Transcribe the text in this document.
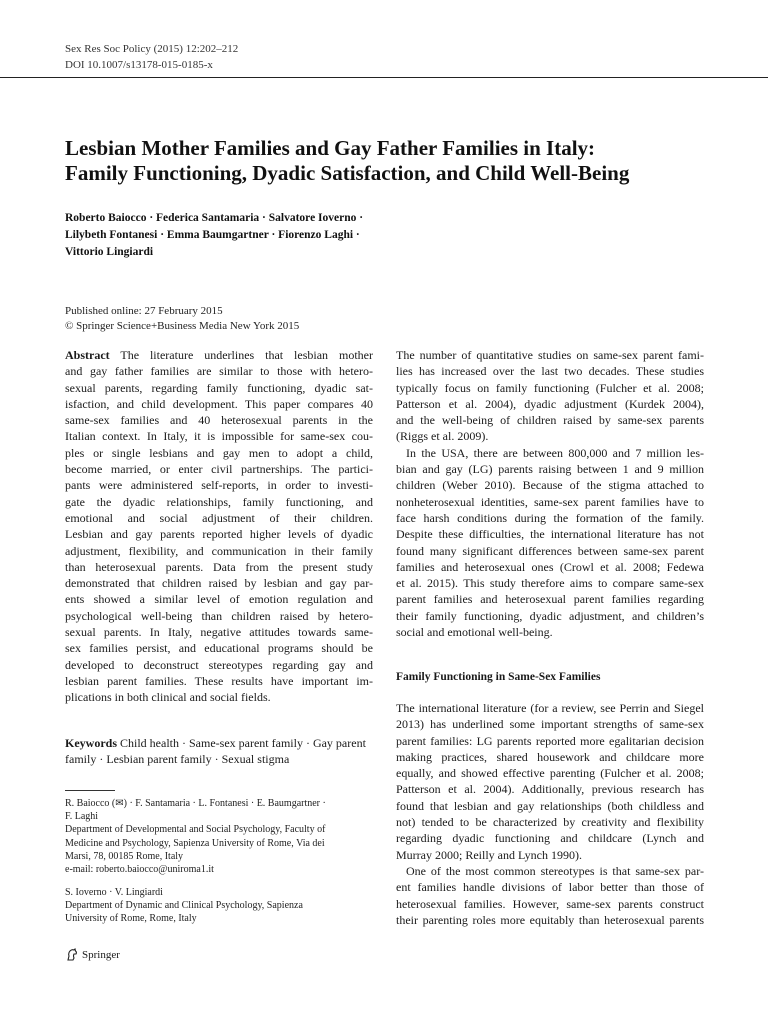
Sex Res Soc Policy (2015) 12:202–212
DOI 10.1007/s13178-015-0185-x
Lesbian Mother Families and Gay Father Families in Italy:
Family Functioning, Dyadic Satisfaction, and Child Well-Being
Roberto Baiocco · Federica Santamaria · Salvatore Ioverno ·
Lilybeth Fontanesi · Emma Baumgartner · Fiorenzo Laghi ·
Vittorio Lingiardi
Published online: 27 February 2015
© Springer Science+Business Media New York 2015
Abstract The literature underlines that lesbian mother
and gay father families are similar to those with hetero-
sexual parents, regarding family functioning, dyadic sat-
isfaction, and child development. This paper compares 40
same-sex families and 40 heterosexual parents in the
Italian context. In Italy, it is impossible for same-sex cou-
ples or single lesbians and gay men to adopt a child,
become married, or enter civil partnerships. The partici-
pants were administered self-reports, in order to investi-
gate the dyadic relationships, family functioning, and
emotional and social adjustment of their children.
Lesbian and gay parents reported higher levels of dyadic
adjustment, flexibility, and communication in their family
than heterosexual parents. Data from the present study
demonstrated that children raised by lesbian and gay par-
ents showed a similar level of emotion regulation and
psychological well-being than children raised by hetero-
sexual parents. In Italy, negative attitudes towards same-
sex families persist, and educational programs should be
developed to deconstruct stereotypes regarding gay and
lesbian parent families. These results have important im-
plications in both clinical and social fields.
Keywords Child health · Same-sex parent family · Gay parent
family · Lesbian parent family · Sexual stigma
R. Baiocco (✉) · F. Santamaria · L. Fontanesi · E. Baumgartner ·
F. Laghi
Department of Developmental and Social Psychology, Faculty of
Medicine and Psychology, Sapienza University of Rome, Via dei
Marsi, 78, 00185 Rome, Italy
e-mail: roberto.baiocco@uniroma1.it
S. Ioverno · V. Lingiardi
Department of Dynamic and Clinical Psychology, Sapienza
University of Rome, Rome, Italy
Springer
The number of quantitative studies on same-sex parent fami-
lies has increased over the last two decades. These studies
typically focus on family functioning (Fulcher et al. 2008;
Patterson et al. 2004), dyadic adjustment (Kurdek 2004),
and the well-being of children raised by same-sex parents
(Riggs et al. 2009).
In the USA, there are between 800,000 and 7 million les-
bian and gay (LG) parents raising between 1 and 9 million
children (Weber 2010). Because of the stigma attached to
nonheterosexual identities, same-sex parent families have to
face harsh conditions during the formation of the family.
Despite these difficulties, the international literature has not
found many significant differences between same-sex parent
families and heterosexual ones (Crowl et al. 2008; Fedewa
et al. 2015). This study therefore aims to compare same-sex
parent families and heterosexual parent families regarding
their family functioning, dyadic adjustment, and children’s
social and emotional well-being.
Family Functioning in Same-Sex Families
The international literature (for a review, see Perrin and Siegel
2013) has underlined some important strengths of same-sex
parent families: LG parents reported more egalitarian decision
making practices, shared housework and childcare more
equally, and showed effective parenting (Fulcher et al. 2008;
Patterson et al. 2004). Additionally, previous research has
found that lesbian and gay relationships (both childless and
not) tended to be characterized by creativity and flexibility
regarding dyadic functioning and childcare (Lynch and
Murray 2000; Reilly and Lynch 1990).
One of the most common stereotypes is that same-sex par-
ent families handle divisions of labor better than those of
heterosexual families. However, same-sex parents construct
their parenting roles more equitably than heterosexual parents
